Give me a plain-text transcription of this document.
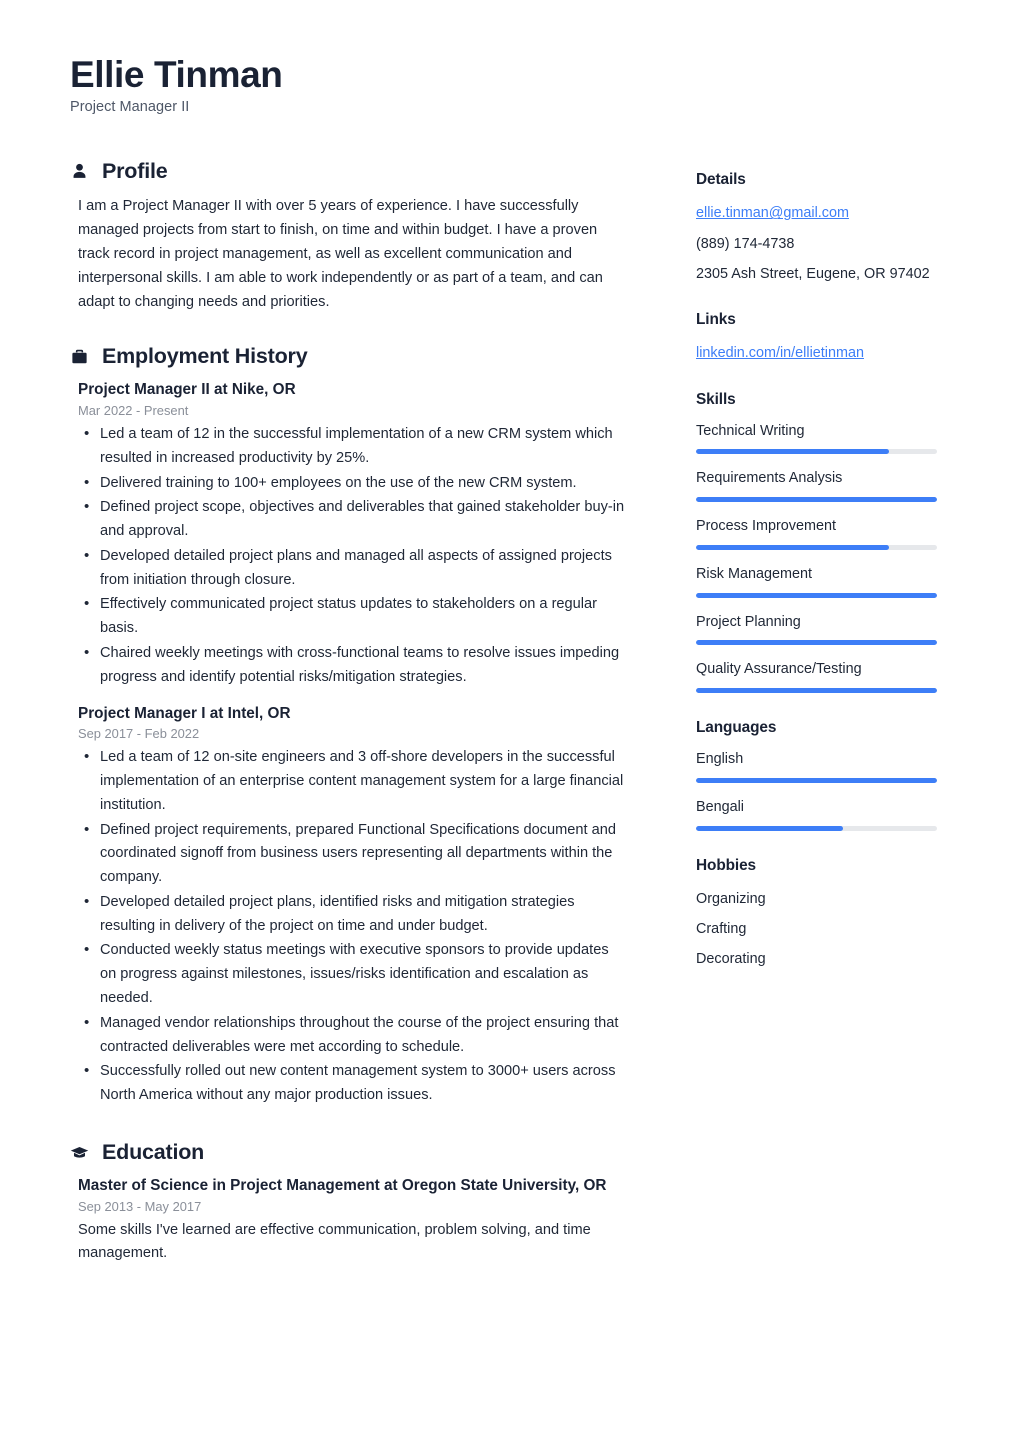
Ellie Tinman
Project Manager II
Profile
I am a Project Manager II with over 5 years of experience. I have successfully managed projects from start to finish, on time and within budget. I have a proven track record in project management, as well as excellent communication and interpersonal skills. I am able to work independently or as part of a team, and can adapt to changing needs and priorities.
Employment History
Project Manager II at Nike, OR
Mar 2022 - Present
• Led a team of 12 in the successful implementation of a new CRM system which resulted in increased productivity by 25%.
• Delivered training to 100+ employees on the use of the new CRM system.
• Defined project scope, objectives and deliverables that gained stakeholder buy-in and approval.
• Developed detailed project plans and managed all aspects of assigned projects from initiation through closure.
• Effectively communicated project status updates to stakeholders on a regular basis.
• Chaired weekly meetings with cross-functional teams to resolve issues impeding progress and identify potential risks/mitigation strategies.
Project Manager I at Intel, OR
Sep 2017 - Feb 2022
• Led a team of 12 on-site engineers and 3 off-shore developers in the successful implementation of an enterprise content management system for a large financial institution.
• Defined project requirements, prepared Functional Specifications document and coordinated signoff from business users representing all departments within the company.
• Developed detailed project plans, identified risks and mitigation strategies resulting in delivery of the project on time and under budget.
• Conducted weekly status meetings with executive sponsors to provide updates on progress against milestones, issues/risks identification and escalation as needed.
• Managed vendor relationships throughout the course of the project ensuring that contracted deliverables were met according to schedule.
• Successfully rolled out new content management system to 3000+ users across North America without any major production issues.
Education
Master of Science in Project Management at Oregon State University, OR
Sep 2013 - May 2017
Some skills I've learned are effective communication, problem solving, and time management.
Details
ellie.tinman@gmail.com
(889) 174-4738
2305 Ash Street, Eugene, OR 97402
Links
linkedin.com/in/ellietinman
Skills
Technical Writing
Requirements Analysis
Process Improvement
Risk Management
Project Planning
Quality Assurance/Testing
Languages
English
Bengali
Hobbies
Organizing
Crafting
Decorating
